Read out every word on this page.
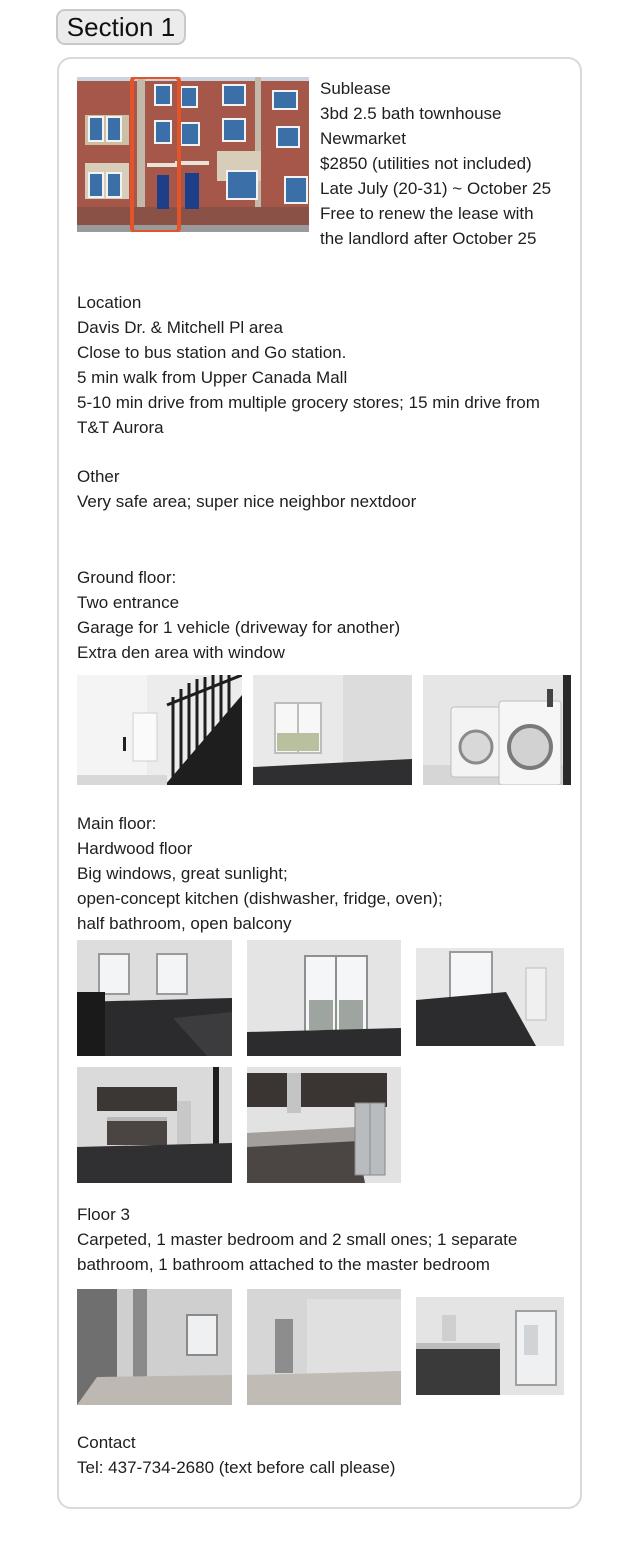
Section 1
Sublease
3bd 2.5 bath townhouse
Newmarket
$2850 (utilities not included)
Late July (20-31) ~ October 25
Free to renew the lease with
the landlord after October 25
Location
Davis Dr. & Mitchell Pl area
Close to bus station and Go station.
5 min walk from Upper Canada Mall
5-10 min drive from multiple grocery stores; 15 min drive from
T&T Aurora
Other
Very safe area; super nice neighbor nextdoor
Ground floor:
Two entrance
Garage for 1 vehicle (driveway for another)
Extra den area with window
Main floor:
Hardwood floor
Big windows, great sunlight;
open-concept kitchen (dishwasher, fridge, oven);
half bathroom, open balcony
Floor 3
Carpeted, 1 master bedroom and 2 small ones; 1 separate
bathroom, 1 bathroom attached to the master bedroom
Contact
Tel: 437-734-2680 (text before call please)
